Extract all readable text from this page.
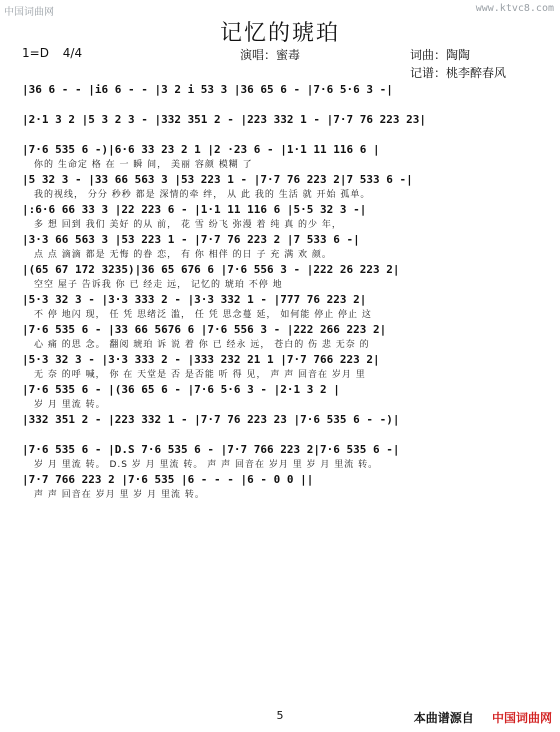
中国词曲网	www.ktvc8.com
记忆的琥珀
1=D 4/4	演唱：蜜毒	词曲：陶陶
记谱：桃李醉春风
|36 6 - - |i6 6 - - |3 2 i 53 3 |36 65 6 - |7·6 5·6 3 -|
|2·1 3 2 |5 3 2 3 - |332 351 2 - |223 332 1 - |7·7 76 223 23|
|7·6 535 6 -)|6·6 33 23 2 1 |2 ·23 6 - |1·1 11 116 6 |
你的 生命定 格 在 一 瞬 间， 美丽 容颜 模糊 了
|5 32 3 - |33 66 563 3 |53 223 1 - |7·7 76 223 2|7 533 6 -|
我的视线， 分分 秒秒 都是 深情的牵 绊， 从 此 我的 生活 就 开始 孤单。
|:6·6 66 33 3 |22 223 6 - |1·1 11 116 6 |5·5 32 3 -|
多 想 回到 我们 美好 的从 前， 花 雪 纷飞 弥漫 着 纯 真 的少 年，
|3·3 66 563 3 |53 223 1 - |7·7 76 223 2 |7 533 6 -|
点 点 滴滴 都是 无悔 的眷 恋， 有 你 相伴 的日 子 充 满 欢 颜。
|(65 67 172 3235)|36 65 676 6 |7·6 556 3 - |222 26 223 2|
空空 屋子 告诉我 你 已 经走 远， 记忆的 琥珀 不停 地
|5·3 32 3 - |3·3 333 2 - |3·3 332 1 - |777 76 223 2|
不 停 地闪 现， 任 凭 思绪泛 滥， 任 凭 思念蔓 延， 如何能 停止 停止 这
|7·6 535 6 - |33 66 5676 6 |7·6 556 3 - |222 266 223 2|
心 痛 的思 念。 翻阅 琥珀 诉 说 着 你 已 经永 远， 苍白的 伤 悲 无奈 的
|5·3 32 3 - |3·3 333 2 - |333 232 21 1 |7·7 766 223 2|
无 奈 的呼 喊， 你 在 天堂是 否 是否能 听 得 见， 声 声 回音在 岁月 里
|7·6 535 6 - |(36 65 6 - |7·6 5·6 3 - |2·1 3 2 |
岁 月 里流 转。
|332 351 2 - |223 332 1 - |7·7 76 223 23 |7·6 535 6 - -)|
|7·6 535 6 - |D.S 7·6 535 6 - |7·7 766 223 2|7·6 535 6 -|
岁 月 里流 转。 D.S 岁 月 里流 转。 声 声 回音在 岁月 里 岁 月 里流 转。
|7·7 766 223 2 |7·6 535 |6 - - - |6 - 0 0 ||
声 声 回音在 岁月 里 岁 月 里流 转。
5	本曲谱源自 中国词曲网
